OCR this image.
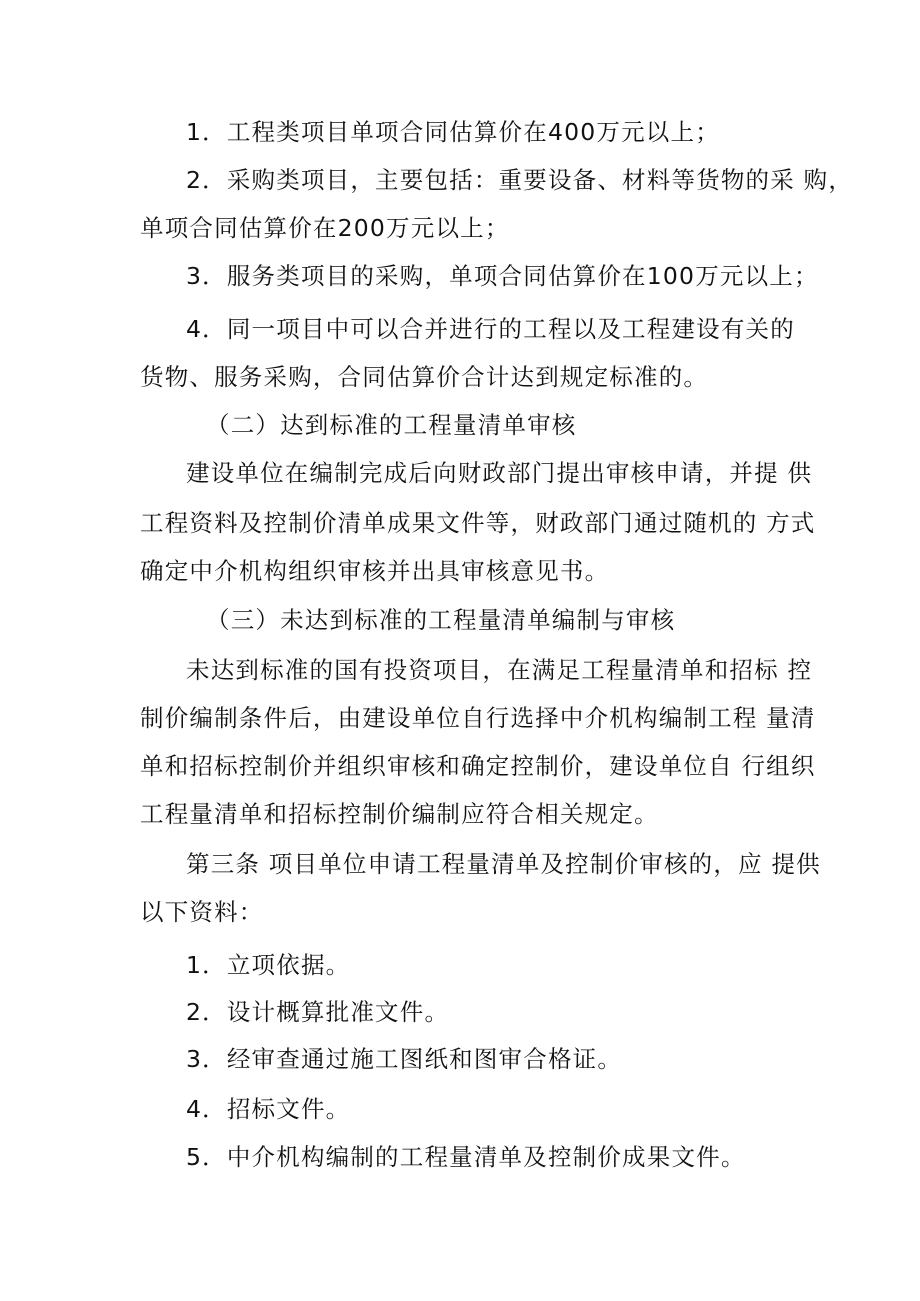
1．工程类项目单项合同估算价在400万元以上；
2．采购类项目，主要包括：重要设备、材料等货物的采 购，
单项合同估算价在200万元以上；
3．服务类项目的采购，单项合同估算价在100万元以上；
4．同一项目中可以合并进行的工程以及工程建设有关的
货物、服务采购，合同估算价合计达到规定标准的。
（二）达到标准的工程量清单审核
建设单位在编制完成后向财政部门提出审核申请，并提 供
工程资料及控制价清单成果文件等，财政部门通过随机的 方式
确定中介机构组织审核并出具审核意见书。
（三）未达到标准的工程量清单编制与审核
未达到标准的国有投资项目，在满足工程量清单和招标 控
制价编制条件后，由建设单位自行选择中介机构编制工程 量清
单和招标控制价并组织审核和确定控制价，建设单位自 行组织
工程量清单和招标控制价编制应符合相关规定。
第三条 项目单位申请工程量清单及控制价审核的，应 提供
以下资料：
1．立项依据。
2．设计概算批准文件。
3．经审查通过施工图纸和图审合格证。
4．招标文件。
5．中介机构编制的工程量清单及控制价成果文件。
